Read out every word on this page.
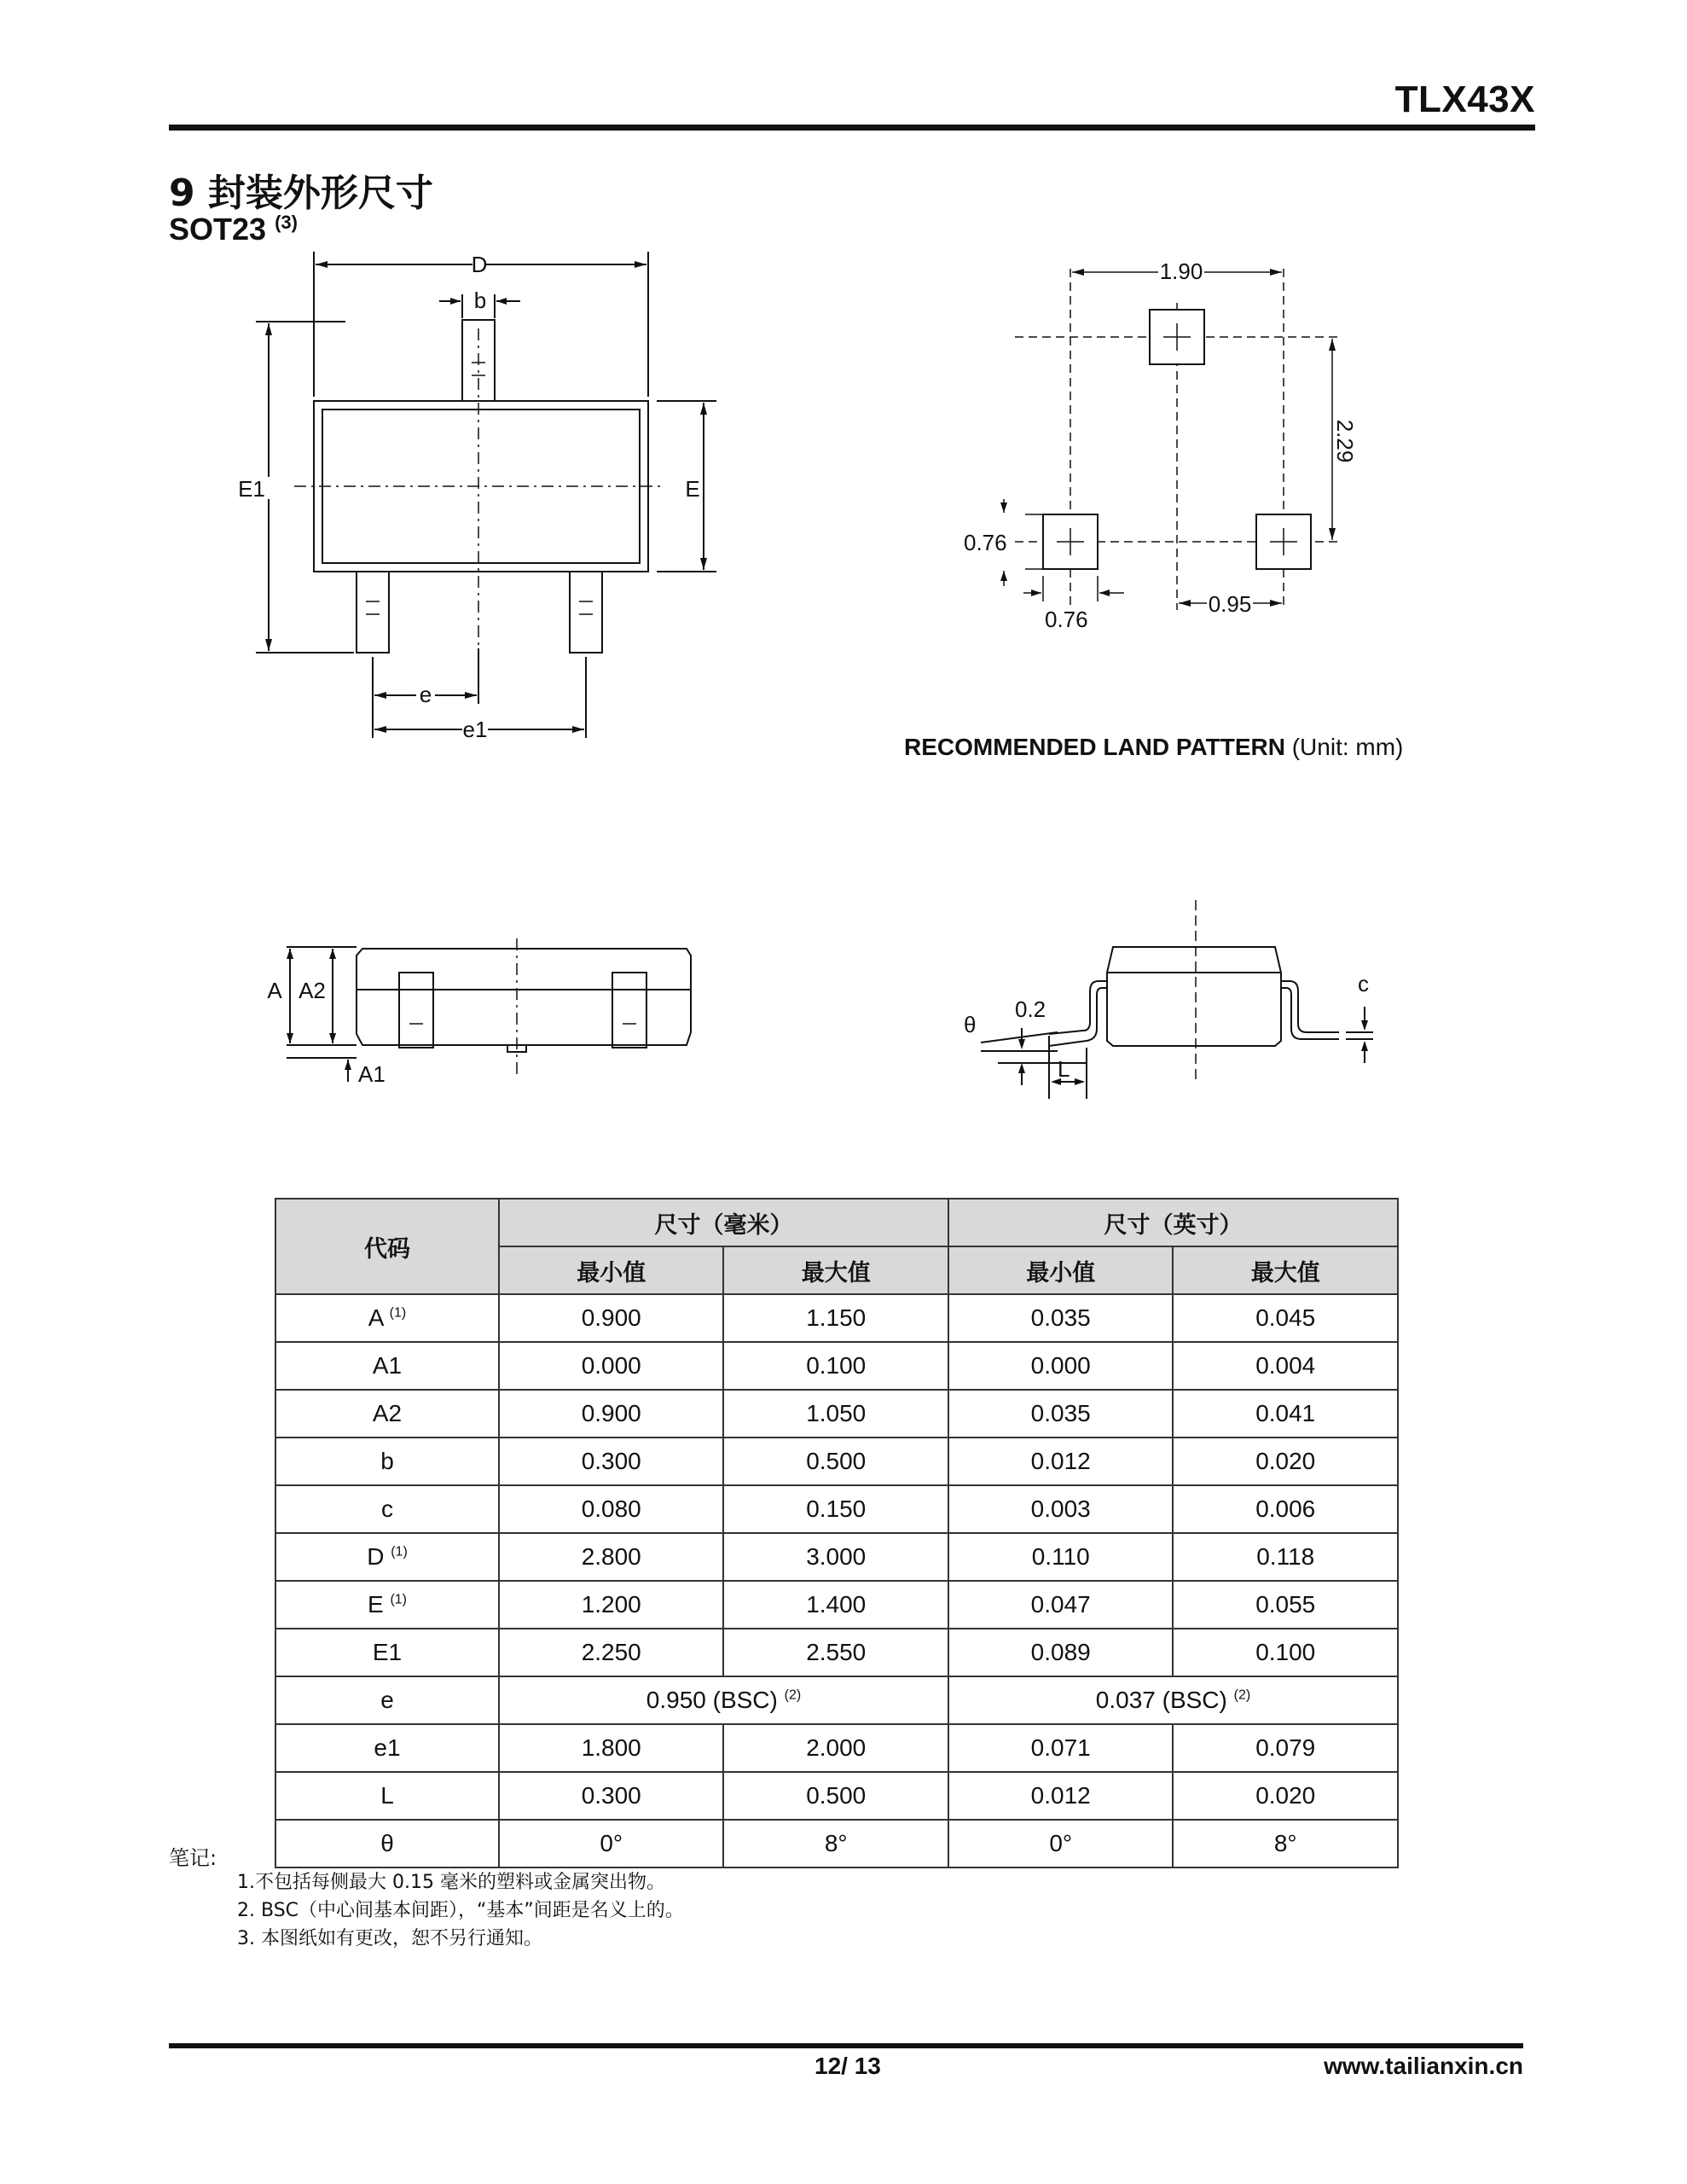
TLX43X
9 封装外形尺寸
SOT23 $^{(3)}$
D
b
E1	E
e
e1
1.90
2.29
0.76
0.76
0.95
RECOMMENDED LAND PATTERN (Unit: mm)
A A2
A1
0.2
θ
L
c
代码	尺寸（毫米）		尺寸（英寸）	
	最小值	最大值	最小值	最大值
A $^{(1)}$	0.900	1.150	0.035	0.045
A1	0.000	0.100	0.000	0.004
A2	0.900	1.050	0.035	0.041
b	0.300	0.500	0.012	0.020
c	0.080	0.150	0.003	0.006
D $^{(1)}$	2.800	3.000	0.110	0.118
E $^{(1)}$	1.200	1.400	0.047	0.055
E1	2.250	2.550	0.089	0.100
e	0.950 (BSC) $^{(2)}$		0.037 (BSC) $^{(2)}$
e1	1.800	2.000	0.071	0.079
L	0.300	0.500	0.012	0.020
θ	0°	8°	0°	8°
笔记:
1.不包括每侧最大 0.15 毫米的塑料或金属突出物。
2. BSC（中心间基本间距），“基本”间距是名义上的。
3. 本图纸如有更改，恕不另行通知。
12/ 13	www.tailianxin.cn
